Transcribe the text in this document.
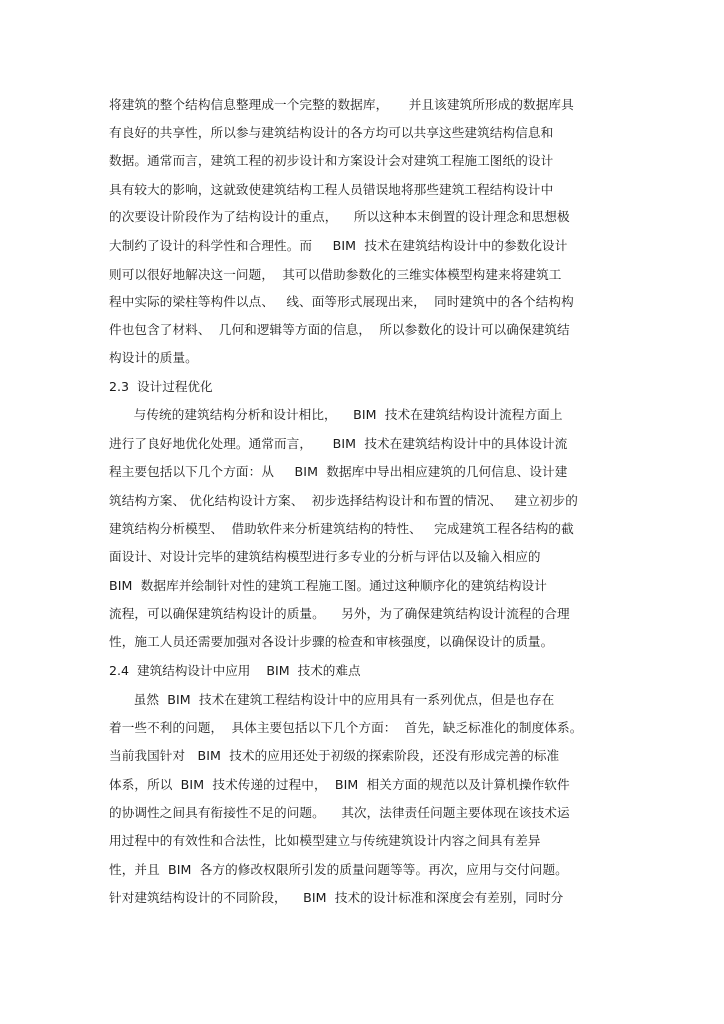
将建筑的整个结构信息整理成一个完整的数据库，     并且该建筑所形成的数据库具
有良好的共享性，所以参与建筑结构设计的各方均可以共享这些建筑结构信息和
数据。通常而言，建筑工程的初步设计和方案设计会对建筑工程施工图纸的设计
具有较大的影响，这就致使建筑结构工程人员错误地将那些建筑工程结构设计中
的次要设计阶段作为了结构设计的重点，    所以这种本末倒置的设计理念和思想极
大制约了设计的科学性和合理性。而     BIM  技术在建筑结构设计中的参数化设计
则可以很好地解决这一问题，  其可以借助参数化的三维实体模型构建来将建筑工
程中实际的梁柱等构件以点、   线、面等形式展现出来，  同时建筑中的各个结构构
件也包含了材料、  几何和逻辑等方面的信息，  所以参数化的设计可以确保建筑结
构设计的质量。
2.3  设计过程优化
与传统的建筑结构分析和设计相比，    BIM  技术在建筑结构设计流程方面上
进行了良好地优化处理。通常而言，     BIM  技术在建筑结构设计中的具体设计流
程主要包括以下几个方面：从     BIM  数据库中导出相应建筑的几何信息、设计建
筑结构方案、 优化结构设计方案、  初步选择结构设计和布置的情况、   建立初步的
建筑结构分析模型、  借助软件来分析建筑结构的特性、   完成建筑工程各结构的截
面设计、对设计完毕的建筑结构模型进行多专业的分析与评估以及输入相应的
BIM  数据库并绘制针对性的建筑工程施工图。通过这种顺序化的建筑结构设计
流程，可以确保建筑结构设计的质量。    另外，为了确保建筑结构设计流程的合理
性，施工人员还需要加强对各设计步骤的检查和审核强度，以确保设计的质量。
2.4  建筑结构设计中应用    BIM  技术的难点
虽然  BIM  技术在建筑工程结构设计中的应用具有一系列优点，但是也存在
着一些不利的问题，  具体主要包括以下几个方面：  首先，缺乏标准化的制度体系。
当前我国针对   BIM  技术的应用还处于初级的探索阶段，还没有形成完善的标准
体系，所以  BIM  技术传递的过程中，  BIM  相关方面的规范以及计算机操作软件
的协调性之间具有衔接性不足的问题。    其次，法律责任问题主要体现在该技术运
用过程中的有效性和合法性，比如模型建立与传统建筑设计内容之间具有差异
性，并且  BIM  各方的修改权限所引发的质量问题等等。再次，应用与交付问题。
针对建筑结构设计的不同阶段，    BIM  技术的设计标准和深度会有差别，同时分
